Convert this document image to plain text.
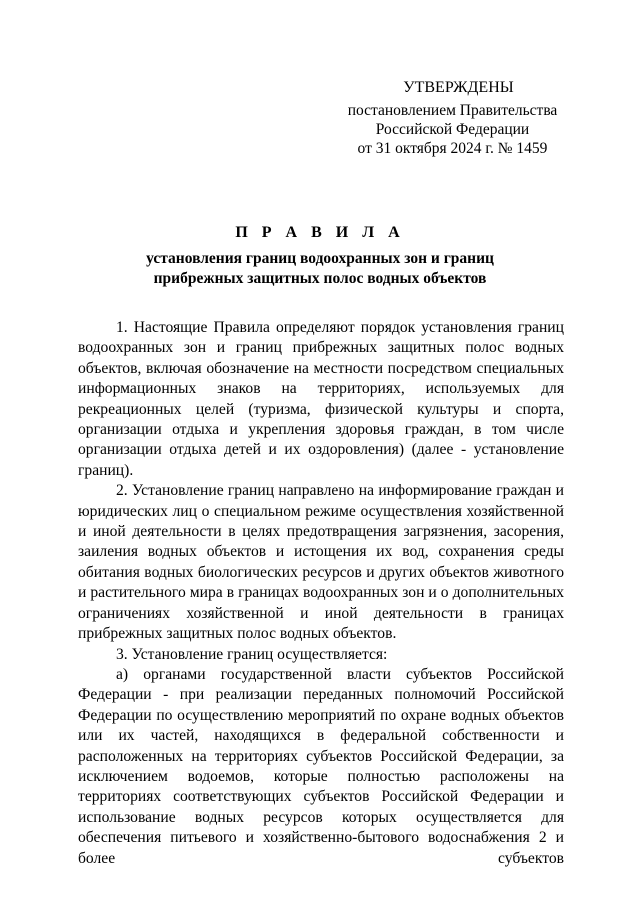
УТВЕРЖДЕНЫ
постановлением Правительства
Российской Федерации
от 31 октября 2024 г. № 1459
П Р А В И Л А
установления границ водоохранных зон и границ
прибрежных защитных полос водных объектов

1. Настоящие Правила определяют порядок установления границ водоохранных зон и границ прибрежных защитных полос водных объектов, включая обозначение на местности посредством специальных информационных знаков на территориях, используемых для рекреационных целей (туризма, физической культуры и спорта, организации отдыха и укрепления здоровья граждан, в том числе организации отдыха детей и их оздоровления) (далее - установление границ).

2. Установление границ направлено на информирование граждан и юридических лиц о специальном режиме осуществления хозяйственной и иной деятельности в целях предотвращения загрязнения, засорения, заиления водных объектов и истощения их вод, сохранения среды обитания водных биологических ресурсов и других объектов животного и растительного мира в границах водоохранных зон и о дополнительных ограничениях хозяйственной и иной деятельности в границах прибрежных защитных полос водных объектов.

3. Установление границ осуществляется:

а) органами государственной власти субъектов Российской Федерации - при реализации переданных полномочий Российской Федерации по осуществлению мероприятий по охране водных объектов или их частей, находящихся в федеральной собственности и расположенных на территориях субъектов Российской Федерации, за исключением водоемов, которые полностью расположены на территориях соответствующих субъектов Российской Федерации и использование водных ресурсов которых осуществляется для обеспечения питьевого и хозяйственно-бытового водоснабжения 2 и более субъектов
